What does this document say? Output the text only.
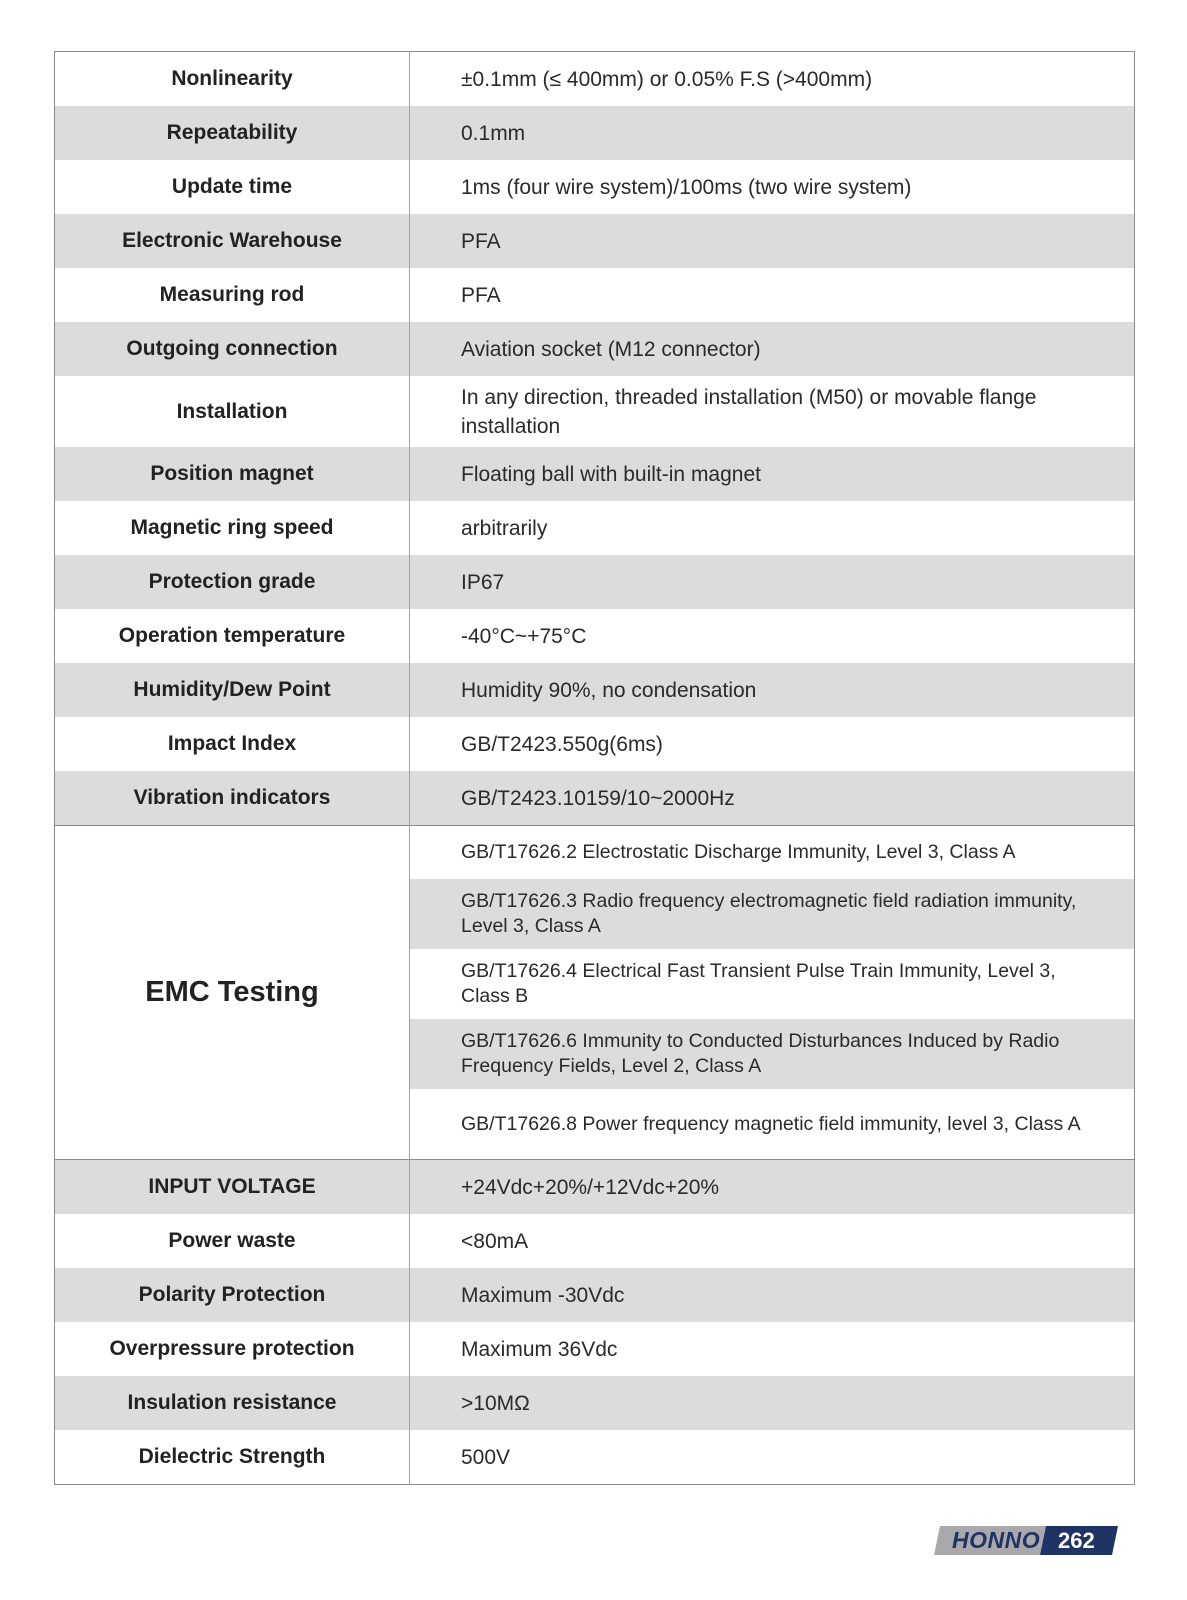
Nonlinearity	±0.1mm (≤ 400mm) or 0.05% F.S (>400mm)
Repeatability	0.1mm
Update time	1ms (four wire system)/100ms (two wire system)
Electronic Warehouse	PFA
Measuring rod	PFA
Outgoing connection	Aviation socket (M12 connector)
Installation	In any direction, threaded installation (M50) or movable flange installation
Position magnet	Floating ball with built-in magnet
Magnetic ring speed	arbitrarily
Protection grade	IP67
Operation temperature	-40°C~+75°C
Humidity/Dew Point	Humidity 90%, no condensation
Impact Index	GB/T2423.550g(6ms)
Vibration indicators	GB/T2423.10159/10~2000Hz
EMC Testing	GB/T17626.2 Electrostatic Discharge Immunity, Level 3, Class A
	GB/T17626.3 Radio frequency electromagnetic field radiation immunity, Level 3, Class A
	GB/T17626.4 Electrical Fast Transient Pulse Train Immunity, Level 3, Class B
	GB/T17626.6 Immunity to Conducted Disturbances Induced by Radio Frequency Fields, Level 2, Class A
	GB/T17626.8 Power frequency magnetic field immunity, level 3, Class A
INPUT VOLTAGE	+24Vdc+20%/+12Vdc+20%
Power waste	<80mA
Polarity Protection	Maximum -30Vdc
Overpressure protection	Maximum 36Vdc
Insulation resistance	>10MΩ
Dielectric Strength	500V
HONNO 262
